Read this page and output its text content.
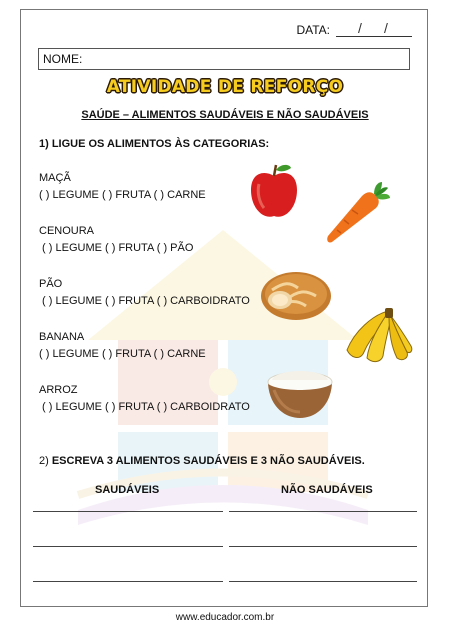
DATA: / /
NOME:
ATIVIDADE DE REFORÇO
SAÚDE – ALIMENTOS SAUDÁVEIS E NÃO SAUDÁVEIS
1) LIGUE OS ALIMENTOS ÀS CATEGORIAS:
MAÇÃ
( ) LEGUME ( ) FRUTA ( ) CARNE
CENOURA
( ) LEGUME ( ) FRUTA ( ) PÃO
PÃO
( ) LEGUME ( ) FRUTA ( ) CARBOIDRATO
BANANA
( ) LEGUME ( ) FRUTA ( ) CARNE
ARROZ
( ) LEGUME ( ) FRUTA ( ) CARBOIDRATO
2) ESCREVA 3 ALIMENTOS SAUDÁVEIS E 3 NÃO SAUDÁVEIS.
SAUDÁVEIS	NÃO SAUDÁVEIS
www.educador.com.br
